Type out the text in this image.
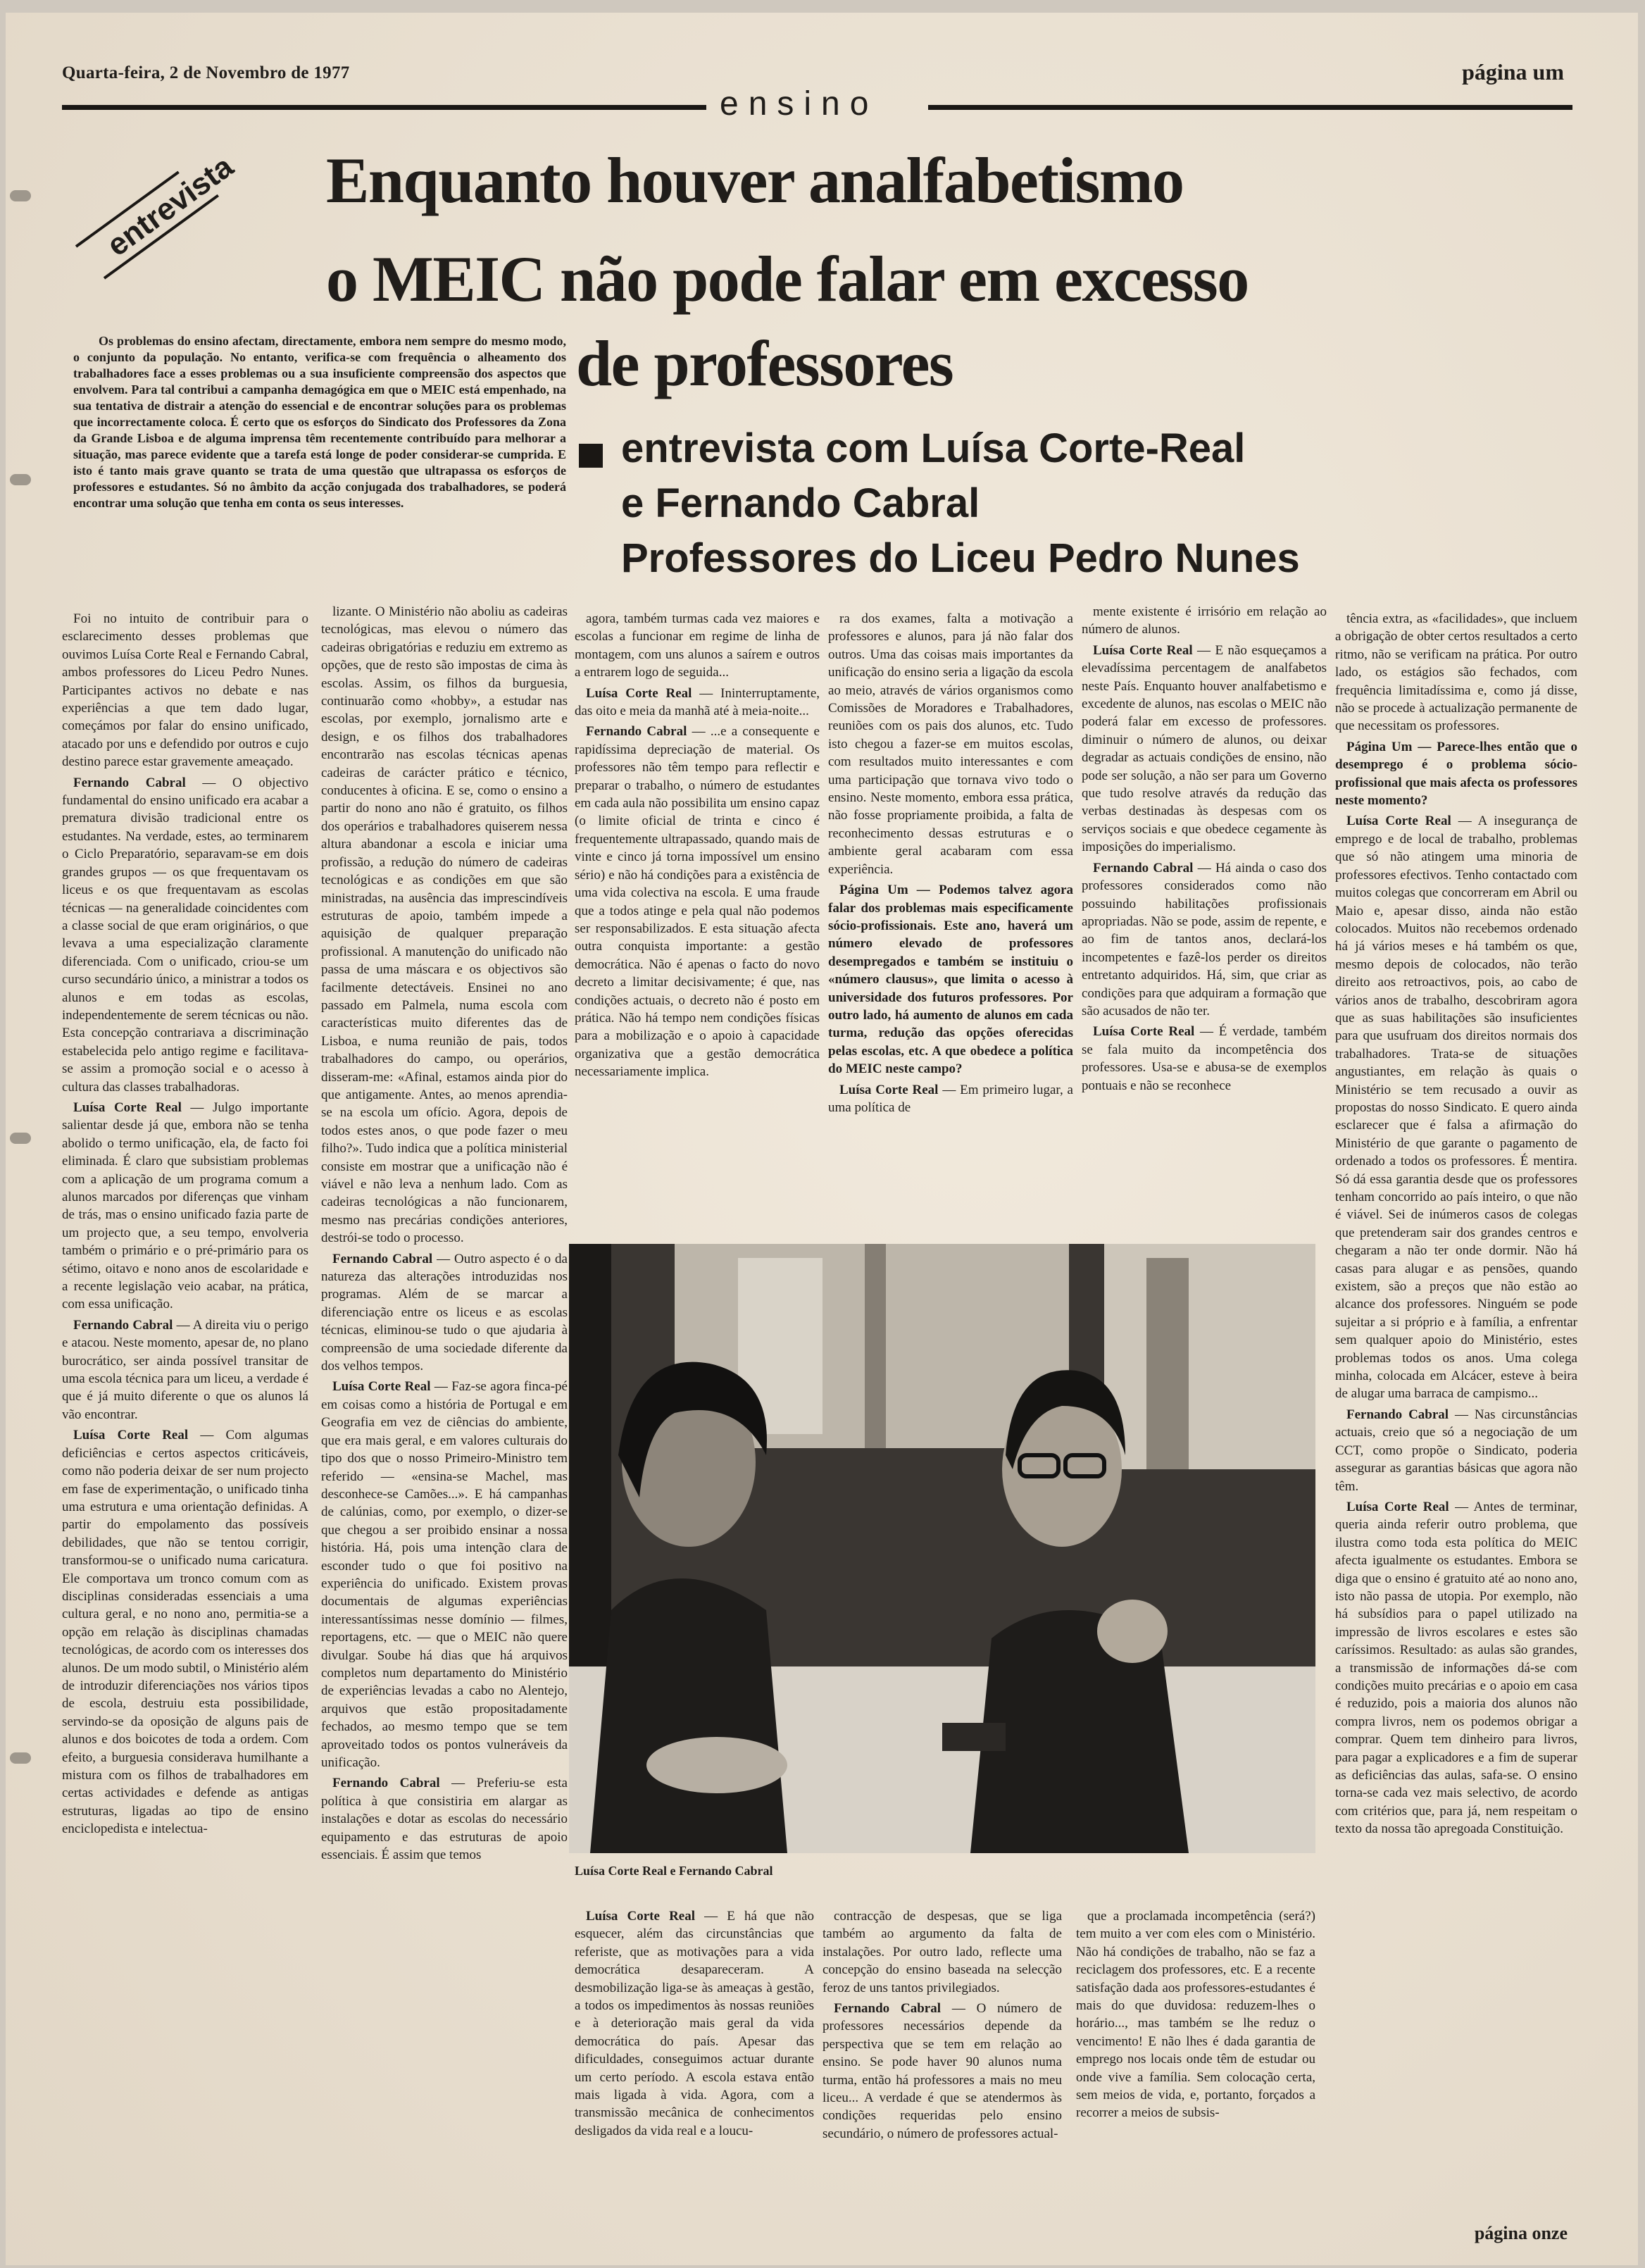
Quarta-feira, 2 de Novembro de 1977	página um
ensino
entrevista Enquanto houver analfabetismo
o MEIC não pode falar em excesso
de professores
entrevista com Luísa Corte-Real
e Fernando Cabral
Professores do Liceu Pedro Nunes
Os problemas do ensino afectam, directamente, embora nem sempre do mesmo modo, o conjunto da população. No entanto, verifica-se com frequência o alheamento dos trabalhadores face a esses problemas ou a sua insuficiente compreensão dos aspectos que envolvem. Para tal contribui a campanha demagógica em que o MEIC está empenhado, na sua tentativa de distrair a atenção do essencial e de encontrar soluções para os problemas que incorrectamente coloca. É certo que os esforços do Sindicato dos Professores da Zona da Grande Lisboa e de alguma imprensa têm recentemente contribuído para melhorar a situação, mas parece evidente que a tarefa está longe de poder considerar-se cumprida. E isto é tanto mais grave quanto se trata de uma questão que ultrapassa os esforços de professores e estudantes. Só no âmbito da acção conjugada dos trabalhadores, se poderá encontrar uma solução que tenha em conta os seus interesses.

Foi no intuito de contribuir para o esclarecimento desses problemas que ouvimos Luísa Corte Real e Fernando Cabral, ambos professores do Liceu Pedro Nunes. Participantes activos no debate e nas experiências a que tem dado lugar, começámos por falar do ensino unificado, atacado por uns e defendido por outros e cujo destino parece estar gravemente ameaçado.

Fernando Cabral — O objectivo fundamental do ensino unificado era acabar a prematura divisão tradicional entre os estudantes. Na verdade, estes, ao terminarem o Ciclo Preparatório, separavam-se em dois grandes grupos — os que frequentavam os liceus e os que frequentavam as escolas técnicas — na generalidade coincidentes com a classe social de que eram originários, o que levava a uma especialização claramente diferenciada. Com o unificado, criou-se um curso secundário único, a ministrar a todos os alunos e em todas as escolas, independentemente de serem técnicas ou não. Esta concepção contrariava a discriminação estabelecida pelo antigo regime e facilitava-se assim a promoção social e o acesso à cultura das classes trabalhadoras.

Luísa Corte Real — Julgo importante salientar desde já que, embora não se tenha abolido o termo unificação, ela, de facto foi eliminada. É claro que subsistiam problemas com a aplicação de um programa comum a alunos marcados por diferenças que vinham de trás, mas o ensino unificado fazia parte de um projecto que, a seu tempo, envolveria também o primário e o pré-primário para os sétimo, oitavo e nono anos de escolaridade e a recente legislação veio acabar, na prática, com essa unificação.

Fernando Cabral — A direita viu o perigo e atacou. Neste momento, apesar de, no plano burocrático, ser ainda possível transitar de uma escola técnica para um liceu, a verdade é que é já muito diferente o que os alunos lá vão encontrar.

Luísa Corte Real — Com algumas deficiências e certos aspectos criticáveis, como não poderia deixar de ser num projecto em fase de experimentação, o unificado tinha uma estrutura e uma orientação definidas. A partir do empolamento das possíveis debilidades, que não se tentou corrigir, transformou-se o unificado numa caricatura. Ele comportava um tronco comum com as disciplinas consideradas essenciais a uma cultura geral, e no nono ano, permitia-se a opção em relação às disciplinas chamadas tecnológicas, de acordo com os interesses dos alunos. De um modo subtil, o Ministério além de introduzir diferenciações nos vários tipos de escola, destruiu esta possibilidade, servindo-se da oposição de alguns pais de alunos e dos boicotes de toda a ordem. Com efeito, a burguesia considerava humilhante a mistura com os filhos de trabalhadores em certas actividades e defende as antigas estruturas, ligadas ao tipo de ensino enciclopedista e intelectua-

lizante. O Ministério não aboliu as cadeiras tecnológicas, mas elevou o número das cadeiras obrigatórias e reduziu em extremo as opções, que de resto são impostas de cima às escolas. Assim, os filhos da burguesia, continuarão como «hobby», a estudar nas escolas, por exemplo, jornalismo arte e design, e os filhos dos trabalhadores encontrarão nas escolas técnicas apenas cadeiras de carácter prático e técnico, conducentes à oficina. E se, como o ensino a partir do nono ano não é gratuito, os filhos dos operários e trabalhadores quiserem nessa altura abandonar a escola e iniciar uma profissão, a redução do número de cadeiras tecnológicas e as condições em que são ministradas, na ausência das imprescindíveis estruturas de apoio, também impede a aquisição de qualquer preparação profissional. A manutenção do unificado não passa de uma máscara e os objectivos são facilmente detectáveis. Ensinei no ano passado em Palmela, numa escola com características muito diferentes das de Lisboa, e numa reunião de pais, todos trabalhadores do campo, ou operários, disseram-me: «Afinal, estamos ainda pior do que antigamente. Antes, ao menos aprendia-se na escola um ofício. Agora, depois de todos estes anos, o que pode fazer o meu filho?». Tudo indica que a política ministerial consiste em mostrar que a unificação não é viável e não leva a nenhum lado. Com as cadeiras tecnológicas a não funcionarem, mesmo nas precárias condições anteriores, destrói-se todo o processo.

Fernando Cabral — Outro aspecto é o da natureza das alterações introduzidas nos programas. Além de se marcar a diferenciação entre os liceus e as escolas técnicas, eliminou-se tudo o que ajudaria à compreensão de uma sociedade diferente da dos velhos tempos.

Luísa Corte Real — Faz-se agora finca-pé em coisas como a história de Portugal e em Geografia em vez de ciências do ambiente, que era mais geral, e em valores culturais do tipo dos que o nosso Primeiro-Ministro tem referido — «ensina-se Machel, mas desconhece-se Camões...». E há campanhas de calúnias, como, por exemplo, o dizer-se que chegou a ser proibido ensinar a nossa história. Há, pois uma intenção clara de esconder tudo o que foi positivo na experiência do unificado. Existem provas documentais de algumas experiências interessantíssimas nesse domínio — filmes, reportagens, etc. — que o MEIC não quere divulgar. Soube há dias que há arquivos completos num departamento do Ministério de experiências levadas a cabo no Alentejo, arquivos que estão propositadamente fechados, ao mesmo tempo que se tem aproveitado todos os pontos vulneráveis da unificação.

Fernando Cabral — Preferiu-se esta política à que consistiria em alargar as instalações e dotar as escolas do necessário equipamento e das estruturas de apoio essenciais. É assim que temos

agora, também turmas cada vez maiores e escolas a funcionar em regime de linha de montagem, com uns alunos a saírem e outros a entrarem logo de seguida...

Luísa Corte Real — Ininterruptamente, das oito e meia da manhã até à meia-noite...

Fernando Cabral — ...e a consequente e rapidíssima depreciação de material. Os professores não têm tempo para reflectir e preparar o trabalho, o número de estudantes em cada aula não possibilita um ensino capaz (o limite oficial de trinta e cinco é frequentemente ultrapassado, quando mais de vinte e cinco já torna impossível um ensino sério) e não há condições para a existência de uma vida colectiva na escola. E uma fraude que a todos atinge e pela qual não podemos ser responsabilizados. E esta situação afecta outra conquista importante: a gestão democrática. Não é apenas o facto do novo decreto a limitar decisivamente; é que, nas condições actuais, o decreto não é posto em prática. Não há tempo nem condições físicas para a mobilização e o apoio à capacidade organizativa que a gestão democrática necessariamente implica.

ra dos exames, falta a motivação a professores e alunos, para já não falar dos outros. Uma das coisas mais importantes da unificação do ensino seria a ligação da escola ao meio, através de vários organismos como Comissões de Moradores e Trabalhadores, reuniões com os pais dos alunos, etc. Tudo isto chegou a fazer-se em muitos escolas, com resultados muito interessantes e com uma participação que tornava vivo todo o ensino. Neste momento, embora essa prática, não fosse propriamente proibida, a falta de reconhecimento dessas estruturas e o ambiente geral acabaram com essa experiência.

Página Um — Podemos talvez agora falar dos problemas mais especificamente sócio-profissionais. Este ano, haverá um número elevado de professores desempregados e também se instituiu o «número clausus», que limita o acesso à universidade dos futuros professores. Por outro lado, há aumento de alunos em cada turma, redução das opções oferecidas pelas escolas, etc. A que obedece a política do MEIC neste campo?

Luísa Corte Real — Em primeiro lugar, a uma política de

mente existente é irrisório em relação ao número de alunos.

Luísa Corte Real — E não esqueçamos a elevadíssima percentagem de analfabetos neste País. Enquanto houver analfabetismo e excedente de alunos, nas escolas o MEIC não poderá falar em excesso de professores. diminuir o número de alunos, ou deixar degradar as actuais condições de ensino, não pode ser solução, a não ser para um Governo que tudo resolve através da redução das verbas destinadas às despesas com os serviços sociais e que obedece cegamente às imposições do imperialismo.

Fernando Cabral — Há ainda o caso dos professores considerados como não possuindo habilitações profissionais apropriadas. Não se pode, assim de repente, e ao fim de tantos anos, declará-los incompetentes e fazê-los perder os direitos entretanto adquiridos. Há, sim, que criar as condições para que adquiram a formação que são acusados de não ter.

Luísa Corte Real — É verdade, também se fala muito da incompetência dos professores. Usa-se e abusa-se de exemplos pontuais e não se reconhece

tência extra, as «facilidades», que incluem a obrigação de obter certos resultados a certo ritmo, não se verificam na prática. Por outro lado, os estágios são fechados, com frequência limitadíssima e, como já disse, não se procede à actualização permanente de que necessitam os professores.

Página Um — Parece-lhes então que o desemprego é o problema sócio-profissional que mais afecta os professores neste momento?

Luísa Corte Real — A insegurança de emprego e de local de trabalho, problemas que só não atingem uma minoria de professores efectivos. Tenho contactado com muitos colegas que concorreram em Abril ou Maio e, apesar disso, ainda não estão colocados. Muitos não recebemos ordenado há já vários meses e há também os que, mesmo depois de colocados, não terão direito aos retroactivos, pois, ao cabo de vários anos de trabalho, descobriram agora que as suas habilitações são insuficientes para que usufruam dos direitos normais dos trabalhadores. Trata-se de situações angustiantes, em relação às quais o Ministério se tem recusado a ouvir as propostas do nosso Sindicato. E quero ainda esclarecer que é falsa a afirmação do Ministério de que garante o pagamento de ordenado a todos os professores. É mentira. Só dá essa garantia desde que os professores tenham concorrido ao país inteiro, o que não é viável. Sei de inúmeros casos de colegas que pretenderam sair dos grandes centros e chegaram a não ter onde dormir. Não há casas para alugar e as pensões, quando existem, são a preços que não estão ao alcance dos professores. Ninguém se pode sujeitar a si próprio e à família, a enfrentar sem qualquer apoio do Ministério, estes problemas todos os anos. Uma colega minha, colocada em Alcácer, esteve à beira de alugar uma barraca de campismo...

Fernando Cabral — Nas circunstâncias actuais, creio que só a negociação de um CCT, como propõe o Sindicato, poderia assegurar as garantias básicas que agora não têm.

Luísa Corte Real — Antes de terminar, queria ainda referir outro problema, que ilustra como toda esta política do MEIC afecta igualmente os estudantes. Embora se diga que o ensino é gratuito até ao nono ano, isto não passa de utopia. Por exemplo, não há subsídios para o papel utilizado na impressão de livros escolares e estes são caríssimos. Resultado: as aulas são grandes, a transmissão de informações dá-se com condições muito precárias e o apoio em casa é reduzido, pois a maioria dos alunos não compra livros, nem os podemos obrigar a comprar. Quem tem dinheiro para livros, para pagar a explicadores e a fim de superar as deficiências das aulas, safa-se. O ensino torna-se cada vez mais selectivo, de acordo com critérios que, para já, nem respeitam o texto da nossa tão apregoada Constituição.

Luísa Corte Real — E há que não esquecer, além das circunstâncias que referiste, que as motivações para a vida democrática desapareceram. A desmobilização liga-se às ameaças à gestão, a todos os impedimentos às nossas reuniões e à deterioração mais geral da vida democrática do país. Apesar das dificuldades, conseguimos actuar durante um certo período. A escola estava então mais ligada à vida. Agora, com a transmissão mecânica de conhecimentos desligados da vida real e a loucu-

contracção de despesas, que se liga também ao argumento da falta de instalações. Por outro lado, reflecte uma concepção do ensino baseada na selecção feroz de uns tantos privilegiados.

Fernando Cabral — O número de professores necessários depende da perspectiva que se tem em relação ao ensino. Se pode haver 90 alunos numa turma, então há professores a mais no meu liceu... A verdade é que se atendermos às condições requeridas pelo ensino secundário, o número de professores actual-

que a proclamada incompetência (será?) tem muito a ver com eles com o Ministério. Não há condições de trabalho, não se faz a reciclagem dos professores, etc. E a recente satisfação dada aos professores-estudantes é mais do que duvidosa: reduzem-lhes o horário..., mas também se lhe reduz o vencimento! E não lhes é dada garantia de emprego nos locais onde têm de estudar ou onde vive a família. Sem colocação certa, sem meios de vida, e, portanto, forçados a recorrer a meios de subsis-

Luísa Corte Real e Fernando Cabral
página onze
